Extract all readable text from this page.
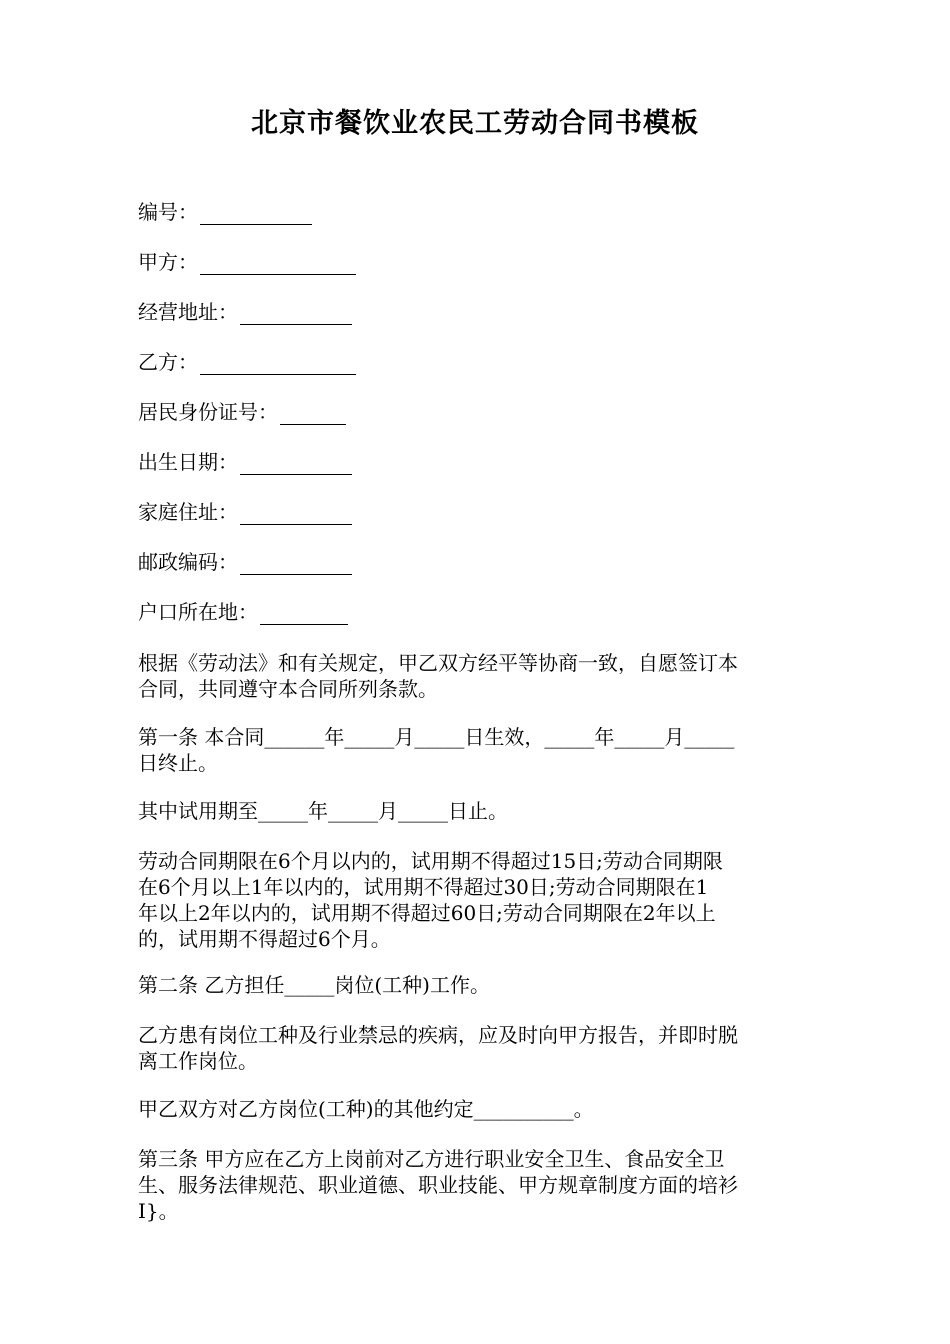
北京市餐饮业农民工劳动合同书模板
编号：
甲方：
经营地址：
乙方：
居民身份证号：
出生日期：
家庭住址：
邮政编码：
户口所在地：
根据《劳动法》和有关规定，甲乙双方经平等协商一致，自愿签订本
合同，共同遵守本合同所列条款。
第一条 本合同______年_____月_____日生效，_____年_____月_____
日终止。
其中试用期至_____年_____月_____日止。
劳动合同期限在6个月以内的，试用期不得超过15日;劳动合同期限
在6个月以上1年以内的，试用期不得超过30日;劳动合同期限在1
年以上2年以内的，试用期不得超过60日;劳动合同期限在2年以上
的，试用期不得超过6个月。
第二条 乙方担任_____岗位(工种)工作。
乙方患有岗位工种及行业禁忌的疾病，应及时向甲方报告，并即时脱
离工作岗位。
甲乙双方对乙方岗位(工种)的其他约定__________。
第三条 甲方应在乙方上岗前对乙方进行职业安全卫生、食品安全卫
生、服务法律规范、职业道德、职业技能、甲方规章制度方面的培衫
I}。
